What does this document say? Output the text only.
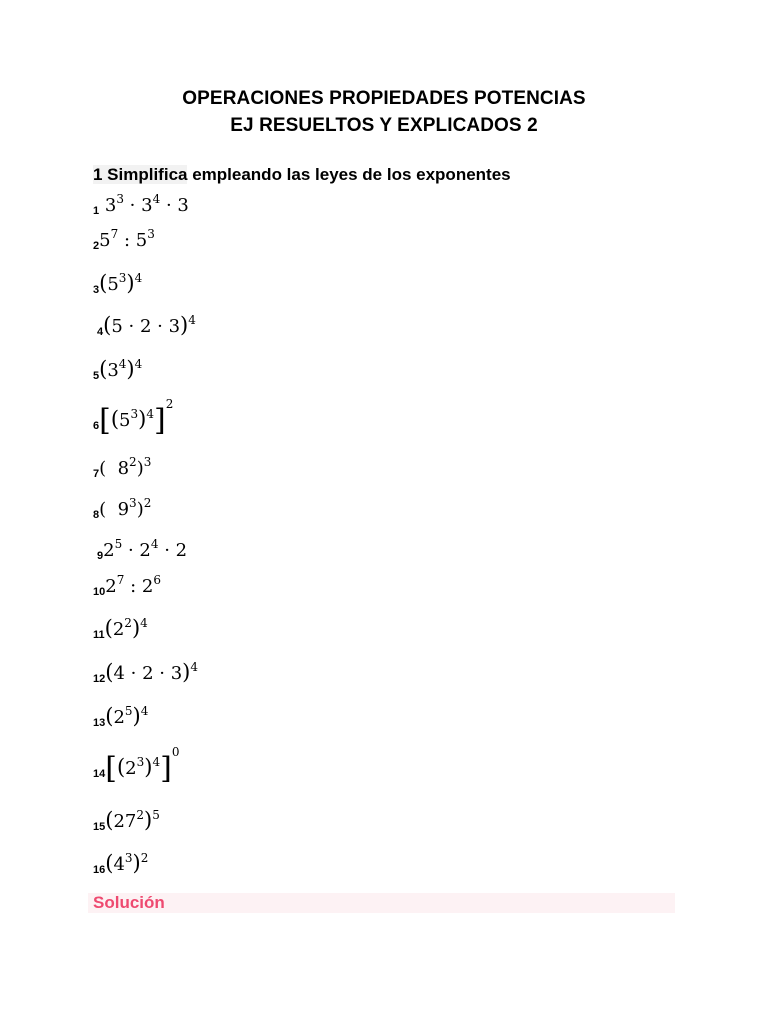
OPERACIONES PROPIEDADES POTENCIAS
EJ RESUELTOS Y EXPLICADOS 2
1 Simplifica empleando las leyes de los exponentes
1 $3^3 \cdot 3^4 \cdot 3$
$25^7$ : $5^3$
$3(5^3)^4$
$4(5 \cdot 2 \cdot 3)^4$
$5(3^4)^4$
$6[(5^3)^4]^2$
7(  $8^2)^3$
8(  $9^3)^2$
$92^5 \cdot 2^4 \cdot 2$
$102^7$ : $2^6$
$11(2^2)^4$
$12(4 \cdot 2 \cdot 3)^4$
$13(2^5)^4$
$14[(2^3)^4]^0$
$15(27^2)^5$
$16(4^3)^2$
Solución
